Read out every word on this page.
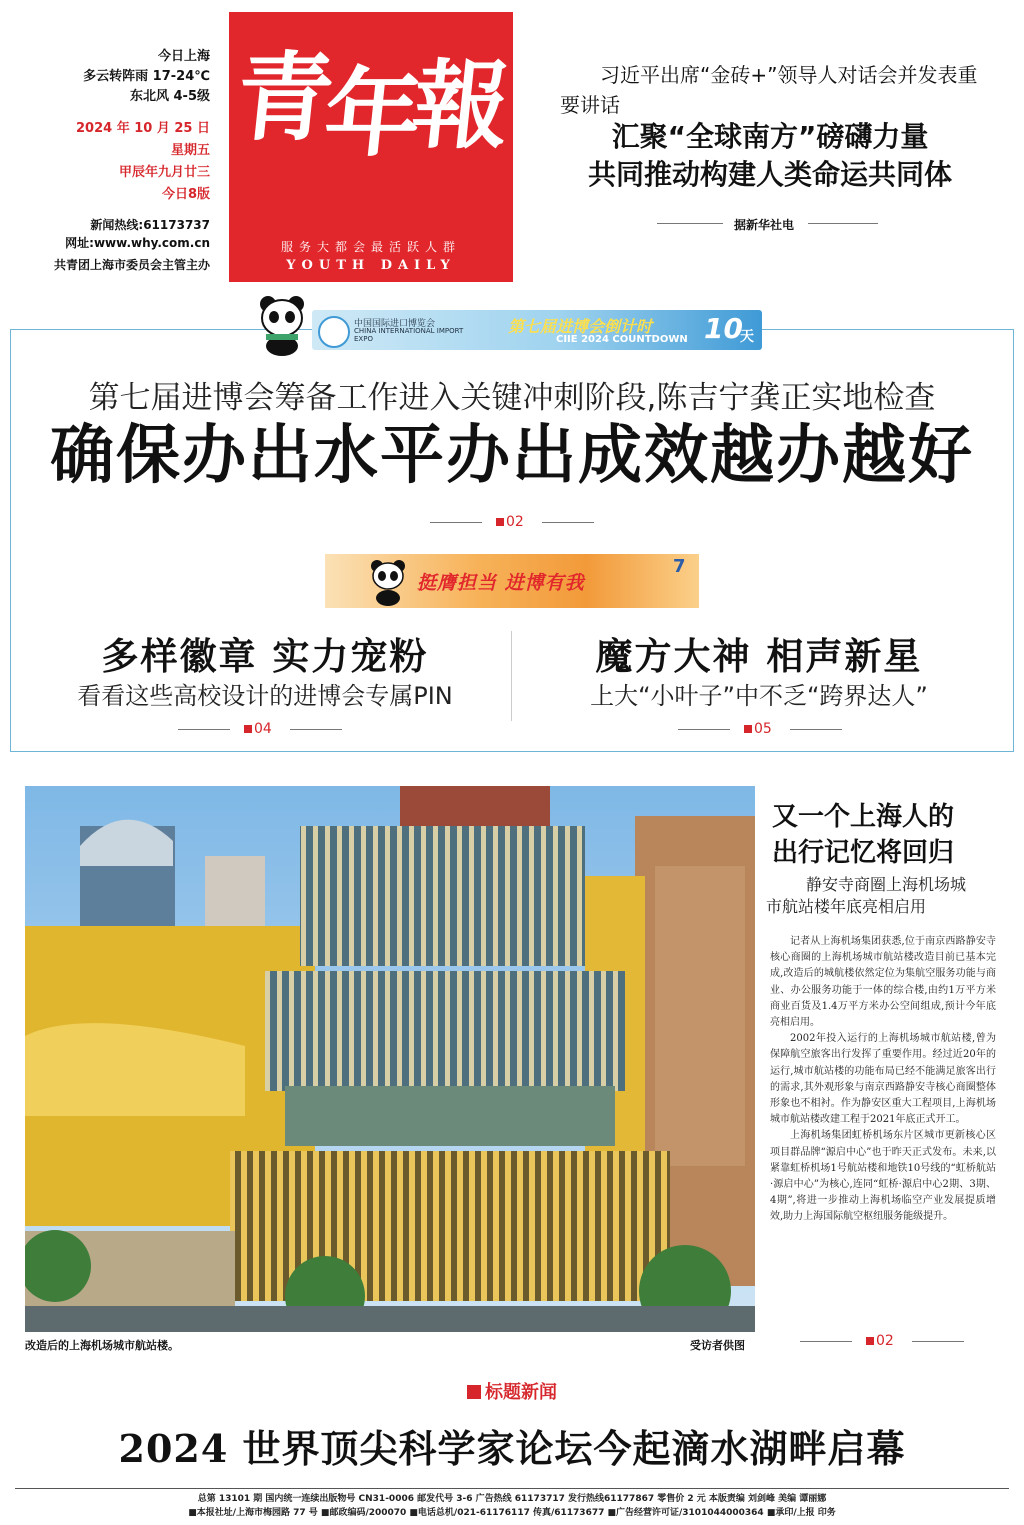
今日上海
多云转阵雨 17-24℃
东北风 4-5级
2024 年 10 月 25 日
星期五
甲辰年九月廿三
今日8版
新闻热线:61173737
网址:www.why.com.cn
共青团上海市委员会主管主办
青
年
報
服务大都会最活跃人群
YOUTH DAILY
习近平出席“金砖+”领导人对话会并发表重要讲话
汇聚“全球南方”磅礴力量
共同推动构建人类命运共同体
据新华社电
中国国际进口博览会
CHINA INTERNATIONAL IMPORT EXPO
第七届进博会倒计时
CIIE 2024 COUNTDOWN 10
天
第七届进博会筹备工作进入关键冲刺阶段,陈吉宁龚正实地检查
确保办出水平办出成效越办越好
02
挺膺担当 进博有我
7
多样徽章 实力宠粉
看看这些高校设计的进博会专属PIN
魔方大神 相声新星
上大“小叶子”中不乏“跨界达人”
04	05
改造后的上海机场城市航站楼。	受访者供图
又一个上海人的
出行记忆将回归
静安寺商圈上海机场城
市航站楼年底亮相启用

记者从上海机场集团获悉,位于南京西路静安寺核心商圈的上海机场城市航站楼改造目前已基本完成,改造后的城航楼依然定位为集航空服务功能与商业、办公服务功能于一体的综合楼,由约1万平方米商业百货及1.4万平方米办公空间组成,预计今年底亮相启用。

2002年投入运行的上海机场城市航站楼,曾为保障航空旅客出行发挥了重要作用。经过近20年的运行,城市航站楼的功能布局已经不能满足旅客出行的需求,其外观形象与南京西路静安寺核心商圈整体形象也不相衬。作为静安区重大工程项目,上海机场城市航站楼改建工程于2021年底正式开工。

上海机场集团虹桥机场东片区城市更新核心区项目群品牌“源启中心”也于昨天正式发布。未来,以紧靠虹桥机场1号航站楼和地铁10号线的“虹桥航站·源启中心”为核心,连同“虹桥·源启中心2期、3期、4期”,将进一步推动上海机场临空产业发展提质增效,助力上海国际航空枢纽服务能级提升。

02
标题新闻
2024 世界顶尖科学家论坛今起滴水湖畔启幕
总第 13101 期 国内统一连续出版物号 CN31-0006 邮发代号 3-6 广告热线 61173717 发行热线61177867 零售价 2 元 本版责编 刘剑峰 美编 谭丽娜
■本报社址/上海市梅园路 77 号 ■邮政编码/200070 ■电话总机/021-61176117 传真/61173677 ■广告经营许可证/3101044000364 ■承印/上报 印务
